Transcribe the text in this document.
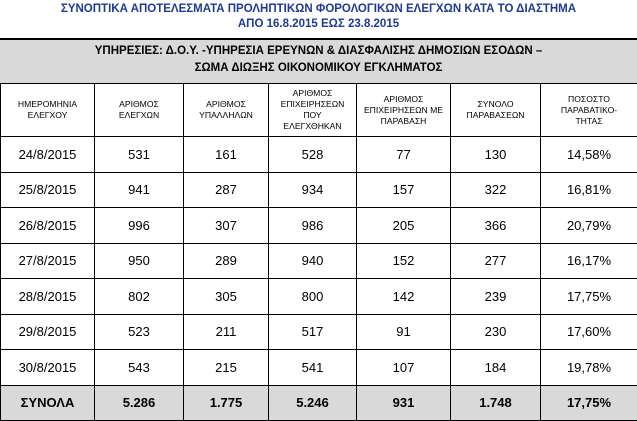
ΣΥΝΟΠΤΙΚΑ ΑΠΟΤΕΛΕΣΜΑΤΑ ΠΡΟΛΗΠΤΙΚΩΝ ΦΟΡΟΛΟΓΙΚΩΝ ΕΛΕΓΧΩΝ ΚΑΤΑ ΤΟ ΔΙΑΣΤΗΜΑ
ΑΠΟ 16.8.2015 ΕΩΣ 23.8.2015
ΥΠΗΡΕΣΙΕΣ: Δ.Ο.Υ. -ΥΠΗΡΕΣΙΑ ΕΡΕΥΝΩΝ & ΔΙΑΣΦΑΛΙΣΗΣ ΔΗΜΟΣΙΩΝ ΕΣΟΔΩΝ –
ΣΩΜΑ ΔΙΩΞΗΣ ΟΙΚΟΝΟΜΙΚΟΥ ΕΓΚΛΗΜΑΤΟΣ
ΗΜΕΡΟΜΗΝΙΑ ΕΛΕΓΧΟΥ	ΑΡΙΘΜΟΣ ΕΛΕΓΧΩΝ	ΑΡΙΘΜΟΣ ΥΠΑΛΛΗΛΩΝ	ΑΡΙΘΜΟΣ ΕΠΙΧΕΙΡΗΣΕΩΝ ΠΟΥ ΕΛΕΓΧΘΗΚΑΝ	ΑΡΙΘΜΟΣ ΕΠΙΧΕΙΡΗΣΕΩΝ ΜΕ ΠΑΡΑΒΑΣΗ	ΣΥΝΟΛΟ ΠΑΡΑΒΑΣΕΩΝ	ΠΟΣΟΣΤΟ ΠΑΡΑΒΑΤΙΚΟ-ΤΗΤΑΣ
24/8/2015	531	161	528	77	130	14,58%
25/8/2015	941	287	934	157	322	16,81%
26/8/2015	996	307	986	205	366	20,79%
27/8/2015	950	289	940	152	277	16,17%
28/8/2015	802	305	800	142	239	17,75%
29/8/2015	523	211	517	91	230	17,60%
30/8/2015	543	215	541	107	184	19,78%
ΣΥΝΟΛΑ	5.286	1.775	5.246	931	1.748	17,75%
